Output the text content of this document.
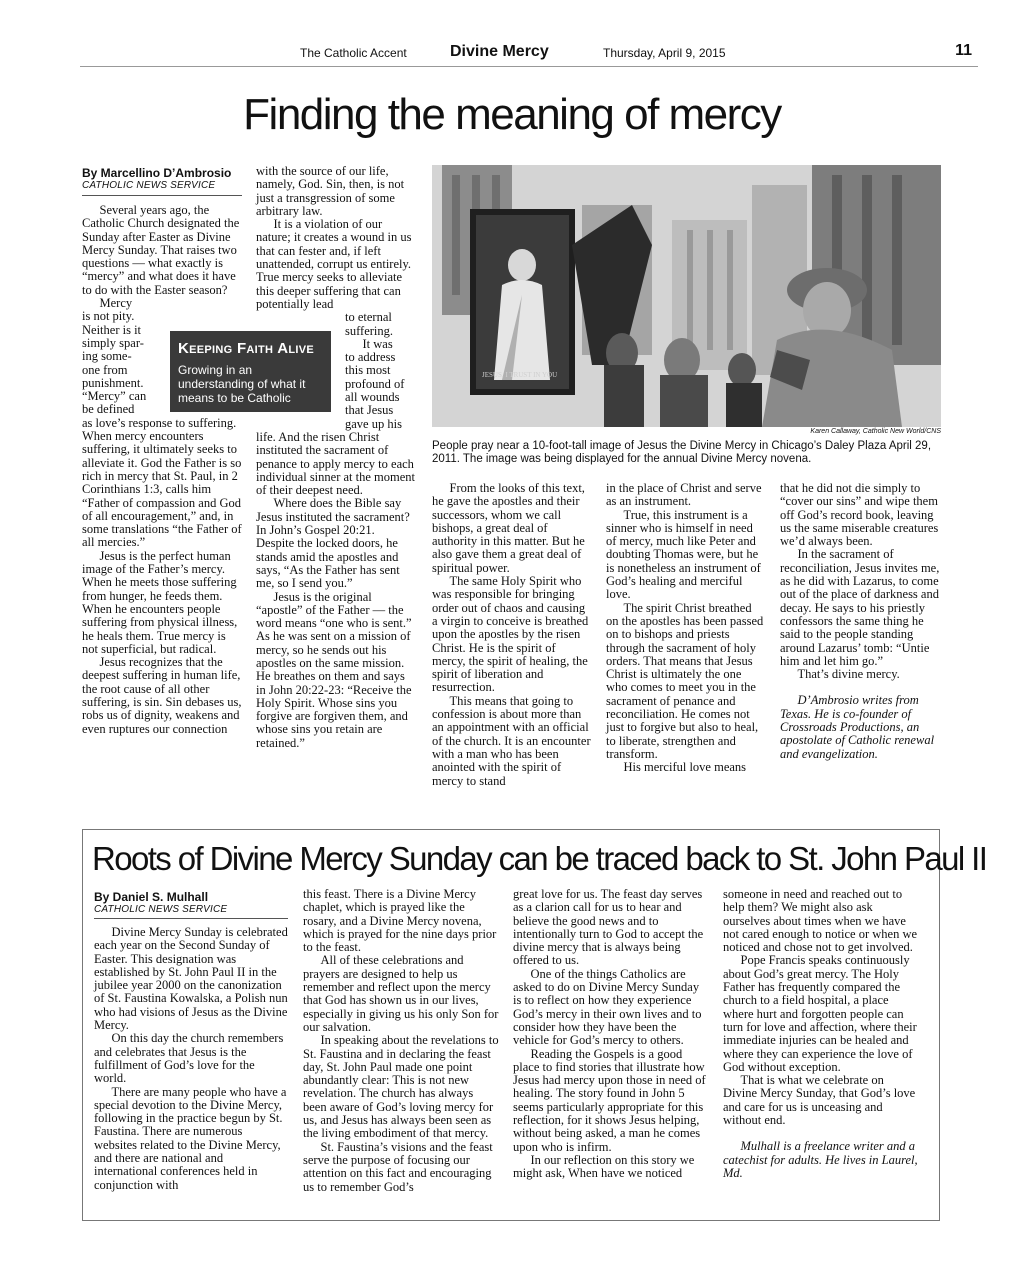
The Catholic Accent	Divine Mercy	Thursday, April 9, 2015	11
Finding the meaning of mercy
By Marcellino D’Ambrosio
CATHOLIC NEWS SERVICE

Several years ago, the Catholic Church designated the Sunday after Easter as Divine Mercy Sunday. That raises two questions — what exactly is “mercy” and what does it have to do with the Easter season?

Mercy

is not pity.

Neither is it

simply spar-

ing some-

one from

punishment.

“Mercy” can

be defined

as love’s response to suffering. When mercy encounters suffering, it ultimately seeks to alleviate it. God the Father is so rich in mercy that St. Paul, in 2 Corinthians 1:3, calls him “Father of compassion and God of all encouragement,” and, in some translations “the Father of all mercies.”

Jesus is the perfect human image of the Father’s mercy. When he meets those suffering from hunger, he feeds them. When he encounters people suffering from physical illness, he heals them. True mercy is not superficial, but radical.

Jesus recognizes that the deepest suffering in human life, the root cause of all other suffering, is sin. Sin debases us, robs us of dignity, weakens and even ruptures our connection

Keeping Faith Alive
Growing in an understanding of what it means to be Catholic

with the source of our life, namely, God. Sin, then, is not just a transgression of some arbitrary law.

It is a violation of our nature; it creates a wound in us that can fester and, if left unattended, corrupt us entirely. True mercy seeks to alleviate this deeper suffering that can potentially lead

to eternal

suffering.

It was

to address

this most

profound of

all wounds

that Jesus

gave up his

life. And the risen Christ instituted the sacrament of penance to apply mercy to each individual sinner at the moment of their deepest need.

Where does the Bible say Jesus instituted the sacrament? In John’s Gospel 20:21. Despite the locked doors, he stands amid the apostles and says, “As the Father has sent me, so I send you.”

Jesus is the original “apostle” of the Father — the word means “one who is sent.” As he was sent on a mission of mercy, so he sends out his apostles on the same mission. He breathes on them and says in John 20:22-23: “Receive the Holy Spirit. Whose sins you forgive are forgiven them, and whose sins you retain are retained.”

JESUS, I TRUST IN YOU
Karen Callaway, Catholic New World/CNS
People pray near a 10-foot-tall image of Jesus the Divine Mercy in Chicago’s Daley Plaza April 29, 2011. The image was being displayed for the annual Divine Mercy novena.

From the looks of this text, he gave the apostles and their successors, whom we call bishops, a great deal of authority in this matter. But he also gave them a great deal of spiritual power.

The same Holy Spirit who was responsible for bringing order out of chaos and causing a virgin to conceive is breathed upon the apostles by the risen Christ. He is the spirit of mercy, the spirit of healing, the spirit of liberation and resurrection.

This means that going to confession is about more than an appointment with an official of the church. It is an encounter with a man who has been anointed with the spirit of mercy to stand

in the place of Christ and serve as an instrument.

True, this instrument is a sinner who is himself in need of mercy, much like Peter and doubting Thomas were, but he is nonetheless an instrument of God’s healing and merciful love.

The spirit Christ breathed on the apostles has been passed on to bishops and priests through the sacrament of holy orders. That means that Jesus Christ is ultimately the one who comes to meet you in the sacrament of penance and reconciliation. He comes not just to forgive but also to heal, to liberate, strengthen and transform.

His merciful love means

that he did not die simply to “cover our sins” and wipe them off God’s record book, leaving us the same miserable creatures we’d always been.

In the sacrament of reconciliation, Jesus invites me, as he did with Lazarus, to come out of the place of darkness and decay. He says to his priestly confessors the same thing he said to the people standing around Lazarus’ tomb: “Untie him and let him go.”

That’s divine mercy.

D’Ambrosio writes from Texas. He is co-founder of Crossroads Productions, an apostolate of Catholic renewal and evangelization.

Roots of Divine Mercy Sunday can be traced back to St. John Paul II
By Daniel S. Mulhall
CATHOLIC NEWS SERVICE

Divine Mercy Sunday is celebrated each year on the Second Sunday of Easter. This designation was established by St. John Paul II in the jubilee year 2000 on the canonization of St. Faustina Kowalska, a Polish nun who had visions of Jesus as the Divine Mercy.

On this day the church remembers and celebrates that Jesus is the fulfillment of God’s love for the world.

There are many people who have a special devotion to the Divine Mercy, following in the practice begun by St. Faustina. There are numerous websites related to the Divine Mercy, and there are national and international conferences held in conjunction with

this feast. There is a Divine Mercy chaplet, which is prayed like the rosary, and a Divine Mercy novena, which is prayed for the nine days prior to the feast.

All of these celebrations and prayers are designed to help us remember and reflect upon the mercy that God has shown us in our lives, especially in giving us his only Son for our salvation.

In speaking about the revelations to St. Faustina and in declaring the feast day, St. John Paul made one point abundantly clear: This is not new revelation. The church has always been aware of God’s loving mercy for us, and Jesus has always been seen as the living embodiment of that mercy.

St. Faustina’s visions and the feast serve the purpose of focusing our attention on this fact and encouraging us to remember God’s

great love for us. The feast day serves as a clarion call for us to hear and believe the good news and to intentionally turn to God to accept the divine mercy that is always being offered to us.

One of the things Catholics are asked to do on Divine Mercy Sunday is to reflect on how they experience God’s mercy in their own lives and to consider how they have been the vehicle for God’s mercy to others.

Reading the Gospels is a good place to find stories that illustrate how Jesus had mercy upon those in need of healing. The story found in John 5 seems particularly appropriate for this reflection, for it shows Jesus helping, without being asked, a man he comes upon who is infirm.

In our reflection on this story we might ask, When have we noticed

someone in need and reached out to help them? We might also ask ourselves about times when we have not cared enough to notice or when we noticed and chose not to get involved.

Pope Francis speaks continuously about God’s great mercy. The Holy Father has frequently compared the church to a field hospital, a place where hurt and forgotten people can turn for love and affection, where their immediate injuries can be healed and where they can experience the love of God without exception.

That is what we celebrate on Divine Mercy Sunday, that God’s love and care for us is unceasing and without end.

Mulhall is a freelance writer and a catechist for adults. He lives in Laurel, Md.
